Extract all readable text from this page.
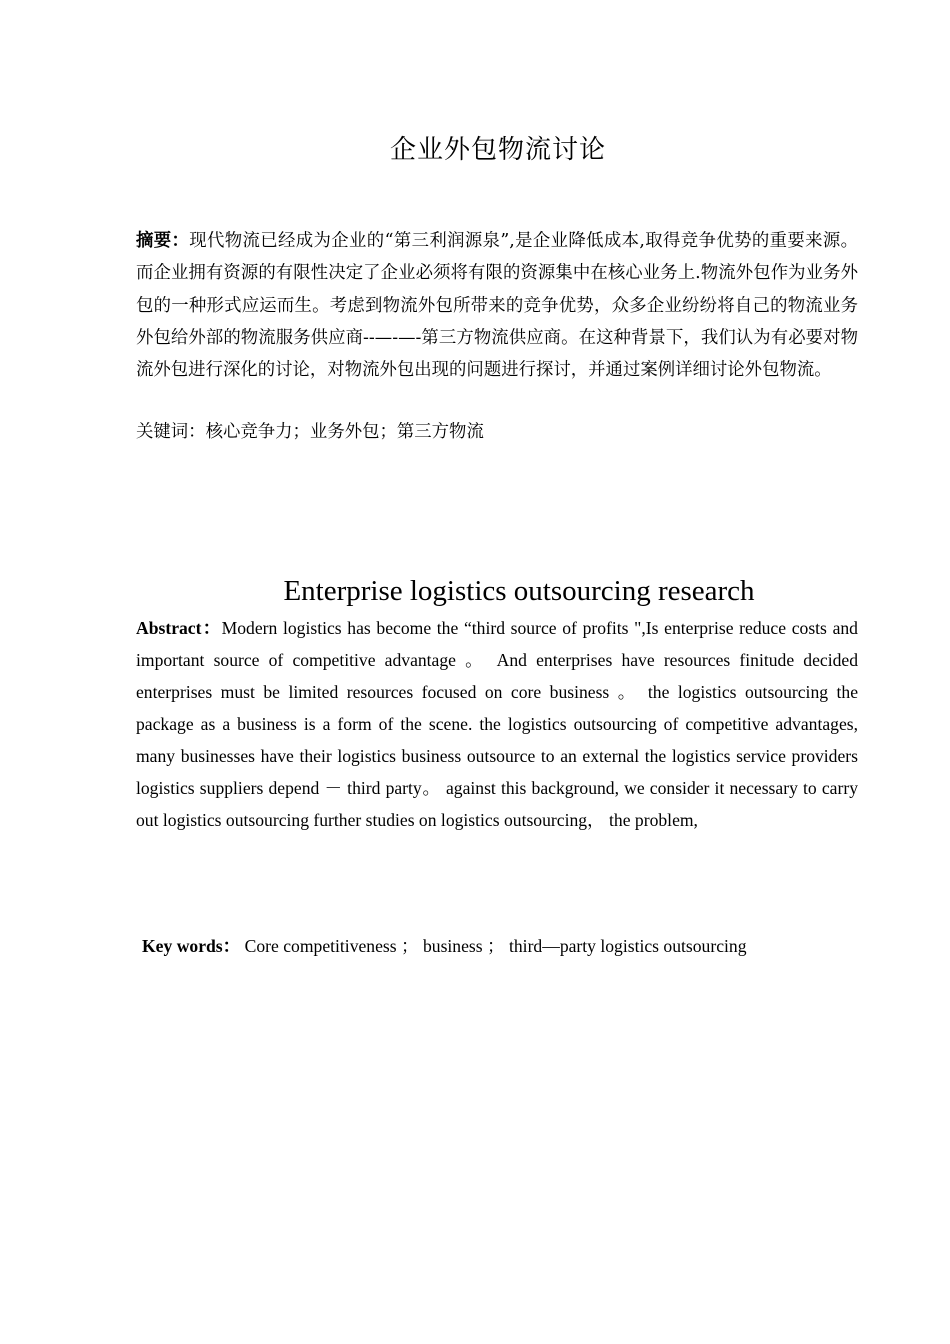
企业外包物流讨论
摘要：现代物流已经成为企业的“第三利润源泉”,是企业降低成本,取得竞争优势的重要来源。而企业拥有资源的有限性决定了企业必须将有限的资源集中在核心业务上.物流外包作为业务外包的一种形式应运而生。考虑到物流外包所带来的竞争优势，众多企业纷纷将自己的物流业务外包给外部的物流服务供应商--—-—-第三方物流供应商。在这种背景下，我们认为有必要对物流外包进行深化的讨论，对物流外包出现的问题进行探讨，并通过案例详细讨论外包物流。
关键词：核心竞争力；业务外包；第三方物流
Enterprise logistics outsourcing research
Abstract：Modern logistics has become the “third source of profits ",Is enterprise reduce costs and important source of competitive advantage 。 And enterprises have resources finitude decided enterprises must be limited resources focused on core business 。 the logistics outsourcing the package as a business is a form of the scene. the logistics outsourcing of competitive advantages, many businesses have their logistics business outsource to an external the logistics service providers logistics suppliers depend － third party。 against this background, we consider it necessary to carry out logistics outsourcing further studies on logistics outsourcing， the problem,
Key words： Core competitiveness ； business ； third—party logistics outsourcing
